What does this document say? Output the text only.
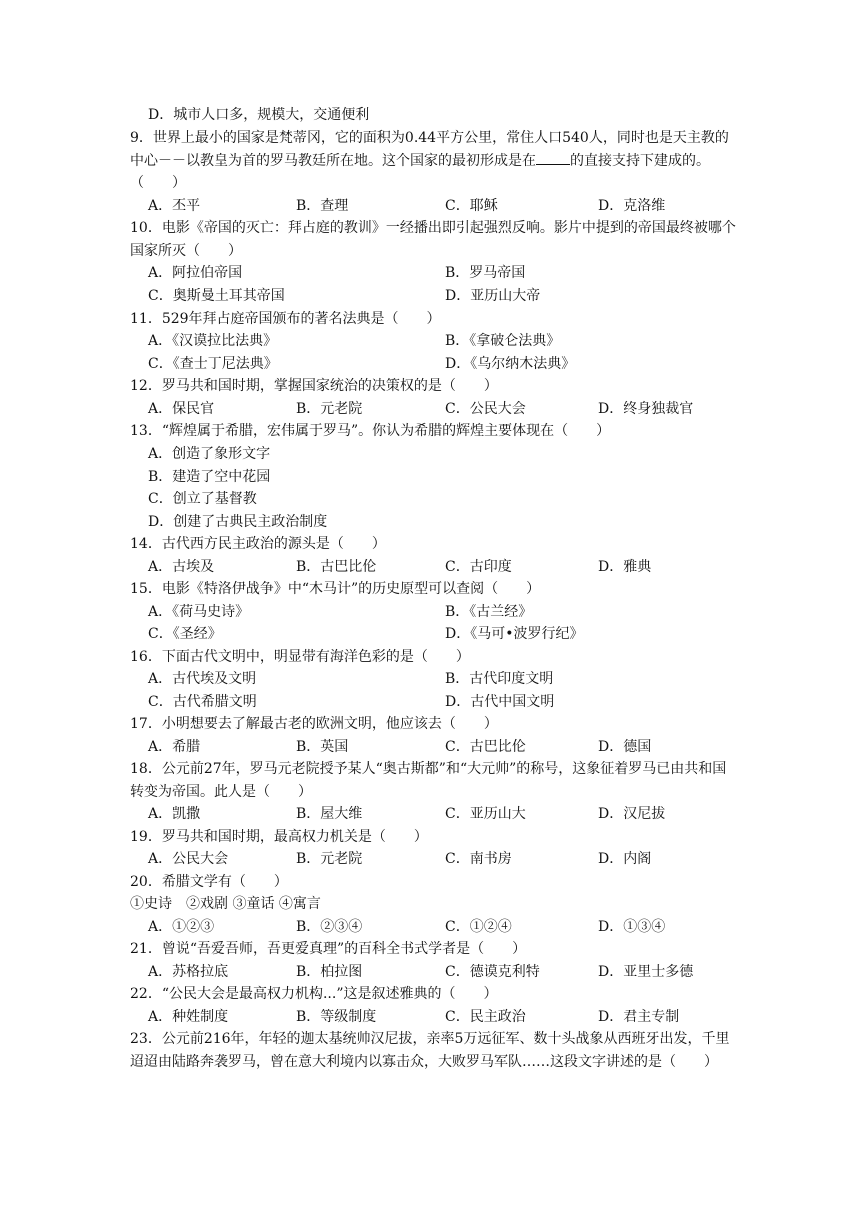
D．城市人口多，规模大，交通便利
9．世界上最小的国家是梵蒂冈，它的面积为0.44平方公里，常住人口540人，同时也是天主教的中心－－以教皇为首的罗马教廷所在地。这个国家的最初形成是在 的直接支持下建成的。（　　）
A．丕平	B．查理	C．耶稣	D．克洛维
10．电影《帝国的灭亡：拜占庭的教训》一经播出即引起强烈反响。影片中提到的帝国最终被哪个国家所灭（　　）
A．阿拉伯帝国	B．罗马帝国
C．奥斯曼土耳其帝国	D．亚历山大帝
11．529年拜占庭帝国颁布的著名法典是（　　）
A．《汉谟拉比法典》	B．《拿破仑法典》
C．《查士丁尼法典》	D．《乌尔纳木法典》
12．罗马共和国时期，掌握国家统治的决策权的是（　　）
A．保民官	B．元老院	C．公民大会	D．终身独裁官
13．“辉煌属于希腊，宏伟属于罗马”。你认为希腊的辉煌主要体现在（　　）
A．创造了象形文字
B．建造了空中花园
C．创立了基督教
D．创建了古典民主政治制度
14．古代西方民主政治的源头是（　　）
A．古埃及	B．古巴比伦	C．古印度	D．雅典
15．电影《特洛伊战争》中“木马计”的历史原型可以查阅（　　）
A．《荷马史诗》	B．《古兰经》
C．《圣经》	D．《马可•波罗行纪》
16．下面古代文明中，明显带有海洋色彩的是（　　）
A．古代埃及文明	B．古代印度文明
C．古代希腊文明	D．古代中国文明
17．小明想要去了解最古老的欧洲文明，他应该去（　　）
A．希腊	B．英国	C．古巴比伦	D．德国
18．公元前27年，罗马元老院授予某人“奥古斯都”和“大元帅”的称号，这象征着罗马已由共和国转变为帝国。此人是（　　）
A．凯撒	B．屋大维	C．亚历山大	D．汉尼拔
19．罗马共和国时期，最高权力机关是（　　）
A．公民大会	B．元老院	C．南书房	D．内阁
20．希腊文学有（　　）
①史诗　②戏剧 ③童话 ④寓言
A．①②③	B．②③④	C．①②④	D．①③④
21．曾说“吾爱吾师，吾更爱真理”的百科全书式学者是（　　）
A．苏格拉底	B．柏拉图	C．德谟克利特	D．亚里士多德
22．“公民大会是最高权力机构...”这是叙述雅典的（　　）
A．种姓制度	B．等级制度	C．民主政治	D．君主专制
23．公元前216年，年轻的迦太基统帅汉尼拔，亲率5万远征军、数十头战象从西班牙出发，千里迢迢由陆路奔袭罗马，曾在意大利境内以寡击众，大败罗马军队……这段文字讲述的是（　　）
